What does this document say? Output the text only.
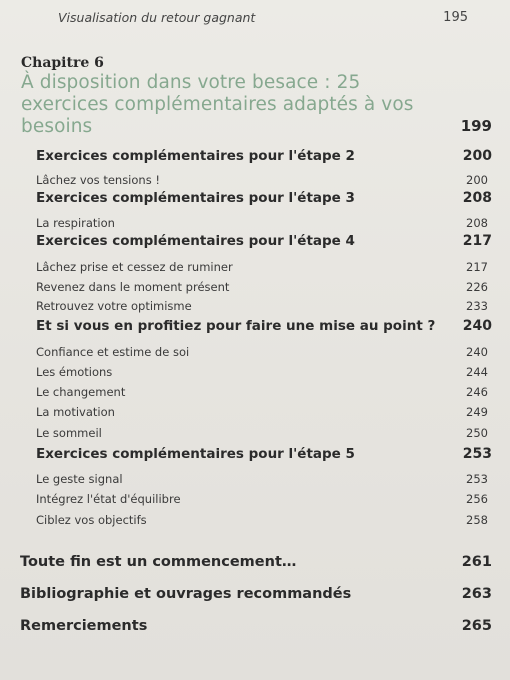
Visualisation du retour gagnant	195
Chapitre 6
À disposition dans votre besace : 25 exercices complémentaires adaptés à vos besoins	199
Exercices complémentaires pour l'étape 2	200
Lâchez vos tensions !	200
Exercices complémentaires pour l'étape 3	208
La respiration	208
Exercices complémentaires pour l'étape 4	217
Lâchez prise et cessez de ruminer	217
Revenez dans le moment présent	226
Retrouvez votre optimisme	233
Et si vous en profitiez pour faire une mise au point ? 240
Confiance et estime de soi	240
Les émotions	244
Le changement	246
La motivation	249
Le sommeil	250
Exercices complémentaires pour l'étape 5	253
Le geste signal	253
Intégrez l'état d'équilibre	256
Ciblez vos objectifs	258
Toute fin est un commencement…	261
Bibliographie et ouvrages recommandés	263
Remerciements	265
